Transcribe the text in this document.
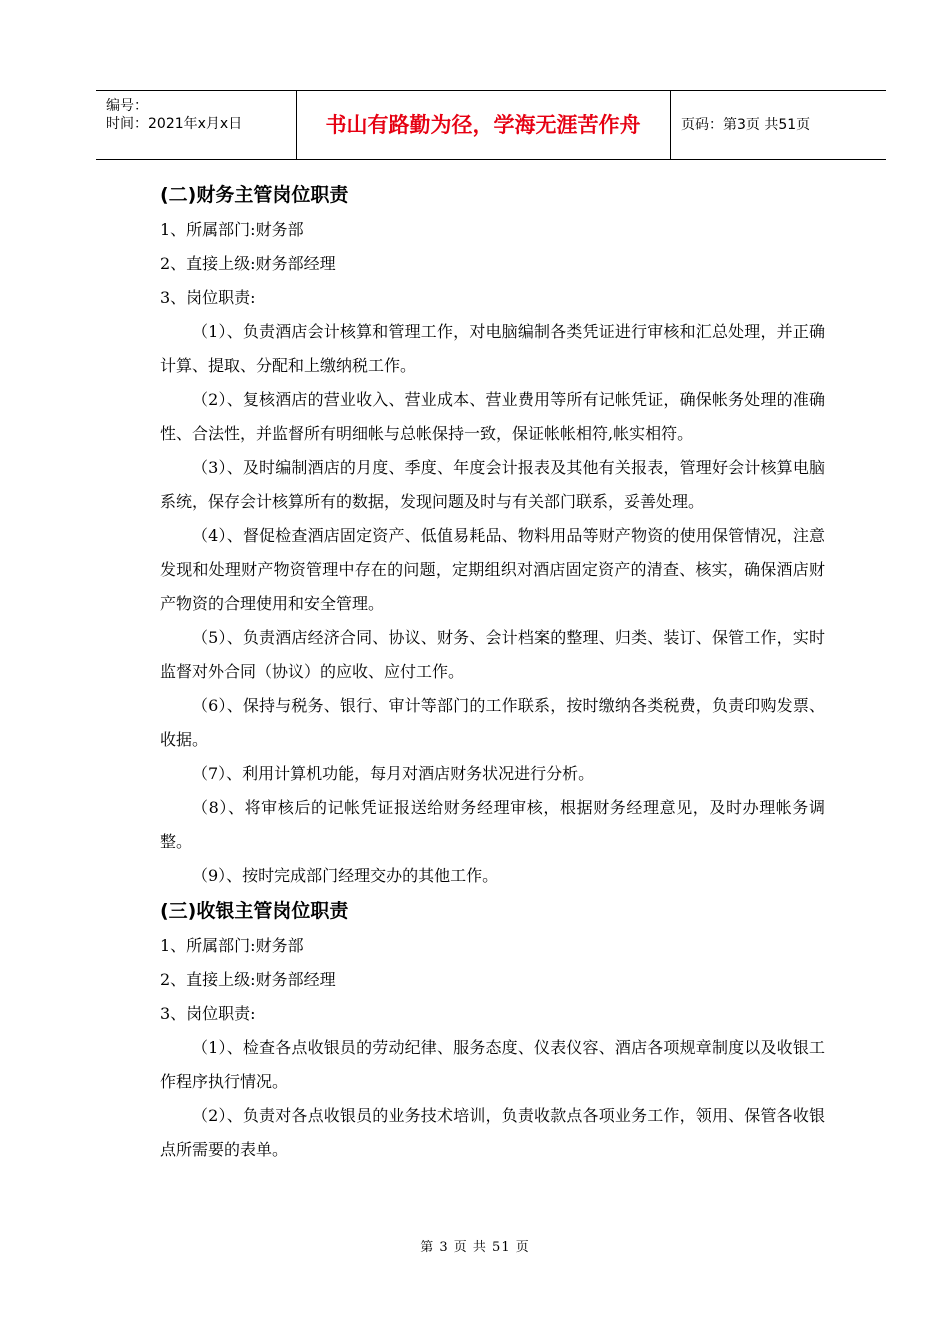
编号：
时间：2021年x月x日	书山有路勤为径，学海无涯苦作舟	页码：第3页 共51页
(二)财务主管岗位职责

1、所属部门:财务部

2、直接上级:财务部经理

3、岗位职责:

（1）、负责酒店会计核算和管理工作，对电脑编制各类凭证进行审核和汇总处理，并正确计算、提取、分配和上缴纳税工作。

（2）、复核酒店的营业收入、营业成本、营业费用等所有记帐凭证，确保帐务处理的准确性、合法性，并监督所有明细帐与总帐保持一致，保证帐帐相符,帐实相符。

（3）、及时编制酒店的月度、季度、年度会计报表及其他有关报表，管理好会计核算电脑系统，保存会计核算所有的数据，发现问题及时与有关部门联系，妥善处理。

（4）、督促检查酒店固定资产、低值易耗品、物料用品等财产物资的使用保管情况，注意发现和处理财产物资管理中存在的问题，定期组织对酒店固定资产的清查、核实，确保酒店财产物资的合理使用和安全管理。

（5）、负责酒店经济合同、协议、财务、会计档案的整理、归类、装订、保管工作，实时监督对外合同（协议）的应收、应付工作。

（6）、保持与税务、银行、审计等部门的工作联系，按时缴纳各类税费，负责印购发票、收据。

（7）、利用计算机功能，每月对酒店财务状况进行分析。

（8）、将审核后的记帐凭证报送给财务经理审核，根据财务经理意见，及时办理帐务调整。

（9）、按时完成部门经理交办的其他工作。

(三)收银主管岗位职责

1、所属部门:财务部

2、直接上级:财务部经理

3、岗位职责:

（1）、检查各点收银员的劳动纪律、服务态度、仪表仪容、酒店各项规章制度以及收银工作程序执行情况。

（2）、负责对各点收银员的业务技术培训，负责收款点各项业务工作，领用、保管各收银点所需要的表单。

第 3 页 共 51 页
